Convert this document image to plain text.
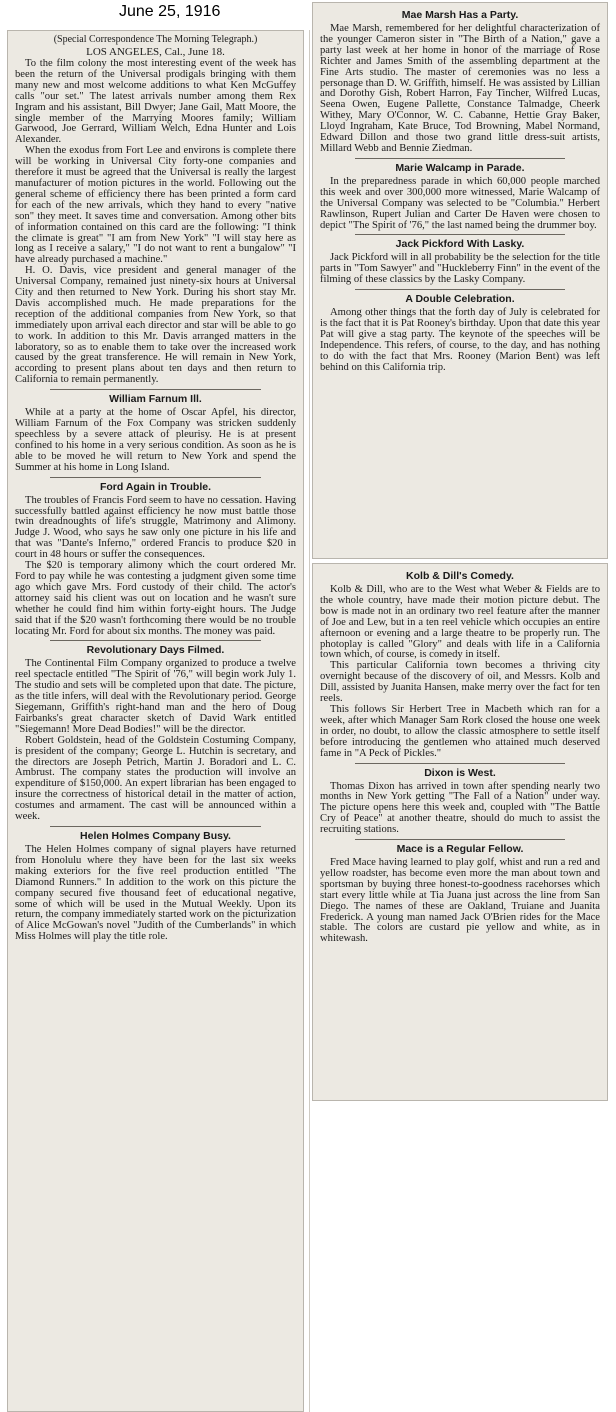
June 25, 1916

(Special Correspondence The Morning Telegraph.)

LOS ANGELES, Cal., June 18.

To the film colony the most interesting event of the week has been the return of the Universal prodigals bringing with them many new and most welcome additions to what Ken McGuffey calls "our set." The latest arrivals number among them Rex Ingram and his assistant, Bill Dwyer; Jane Gail, Matt Moore, the single member of the Marrying Moores family; William Garwood, Joe Gerrard, William Welch, Edna Hunter and Lois Alexander.

When the exodus from Fort Lee and environs is complete there will be working in Universal City forty-one companies and therefore it must be agreed that the Universal is really the largest manufacturer of motion pictures in the world. Following out the general scheme of efficiency there has been printed a form card for each of the new arrivals, which they hand to every "native son" they meet. It saves time and conversation. Among other bits of information contained on this card are the following: "I think the climate is great" "I am from New York" "I will stay here as long as I receive a salary," "I do not want to rent a bungalow" "I have already purchased a machine."

H. O. Davis, vice president and general manager of the Universal Company, remained just ninety-six hours at Universal City and then returned to New York. During his short stay Mr. Davis accomplished much. He made preparations for the reception of the additional companies from New York, so that immediately upon arrival each director and star will be able to go to work. In addition to this Mr. Davis arranged matters in the laboratory, so as to enable them to take over the increased work caused by the great transference. He will remain in New York, according to present plans about ten days and then return to California to remain permanently.

William Farnum Ill.

While at a party at the home of Oscar Apfel, his director, William Farnum of the Fox Company was stricken suddenly speechless by a severe attack of pleurisy. He is at present confined to his home in a very serious condition. As soon as he is able to be moved he will return to New York and spend the Summer at his home in Long Island.

Ford Again in Trouble.

The troubles of Francis Ford seem to have no cessation. Having successfully battled against efficiency he now must battle those twin dreadnoughts of life's struggle, Matrimony and Alimony. Judge J. Wood, who says he saw only one picture in his life and that was "Dante's Inferno," ordered Francis to produce $20 in court in 48 hours or suffer the consequences.

The $20 is temporary alimony which the court ordered Mr. Ford to pay while he was contesting a judgment given some time ago which gave Mrs. Ford custody of their child. The actor's attorney said his client was out on location and he wasn't sure whether he could find him within forty-eight hours. The Judge said that if the $20 wasn't forthcoming there would be no trouble locating Mr. Ford for about six months. The money was paid.

Revolutionary Days Filmed.

The Continental Film Company organized to produce a twelve reel spectacle entitled "The Spirit of '76," will begin work July 1. The studio and sets will be completed upon that date. The picture, as the title infers, will deal with the Revolutionary period. George Siegemann, Griffith's right-hand man and the hero of Doug Fairbanks's great character sketch of David Wark entitled "Siegemann! More Dead Bodies!" will be the director.

Robert Goldstein, head of the Goldstein Costuming Company, is president of the company; George L. Hutchin is secretary, and the directors are Joseph Petrich, Martin J. Boradori and L. C. Ambrust. The company states the production will involve an expenditure of $150,000. An expert librarian has been engaged to insure the correctness of historical detail in the matter of action, costumes and armament. The cast will be announced within a week.

Helen Holmes Company Busy.

The Helen Holmes company of signal players have returned from Honolulu where they have been for the last six weeks making exteriors for the five reel production entitled "The Diamond Runners." In addition to the work on this picture the company secured five thousand feet of educational negative, some of which will be used in the Mutual Weekly. Upon its return, the company immediately started work on the picturization of Alice McGowan's novel "Judith of the Cumberlands" in which Miss Holmes will play the title role.

Mae Marsh Has a Party.

Mae Marsh, remembered for her delightful characterization of the younger Cameron sister in "The Birth of a Nation," gave a party last week at her home in honor of the marriage of Rose Richter and James Smith of the assembling department at the Fine Arts studio. The master of ceremonies was no less a personage than D. W. Griffith, himself. He was assisted by Lillian and Dorothy Gish, Robert Harron, Fay Tincher, Wilfred Lucas, Seena Owen, Eugene Pallette, Constance Talmadge, Cheerk Withey, Mary O'Connor, W. C. Cabanne, Hettie Gray Baker, Lloyd Ingraham, Kate Bruce, Tod Browning, Mabel Normand, Edward Dillon and those two grand little dress-suit artists, Millard Webb and Bennie Ziedman.

Marie Walcamp in Parade.

In the preparedness parade in which 60,000 people marched this week and over 300,000 more witnessed, Marie Walcamp of the Universal Company was selected to be "Columbia." Herbert Rawlinson, Rupert Julian and Carter De Haven were chosen to depict "The Spirit of '76," the last named being the drummer boy.

Jack Pickford With Lasky.

Jack Pickford will in all probability be the selection for the title parts in "Tom Sawyer" and "Huckleberry Finn" in the event of the filming of these classics by the Lasky Company.

A Double Celebration.

Among other things that the forth day of July is celebrated for is the fact that it is Pat Rooney's birthday. Upon that date this year Pat will give a stag party. The keynote of the speeches will be Independence. This refers, of course, to the day, and has nothing to do with the fact that Mrs. Rooney (Marion Bent) was left behind on this California trip.

Kolb & Dill's Comedy.

Kolb & Dill, who are to the West what Weber & Fields are to the whole country, have made their motion picture debut. The bow is made not in an ordinary two reel feature after the manner of Joe and Lew, but in a ten reel vehicle which occupies an entire afternoon or evening and a large theatre to be properly run. The photoplay is called "Glory" and deals with life in a California town which, of course, is comedy in itself.

This particular California town becomes a thriving city overnight because of the discovery of oil, and Messrs. Kolb and Dill, assisted by Juanita Hansen, make merry over the fact for ten reels.

This follows Sir Herbert Tree in Macbeth which ran for a week, after which Manager Sam Rork closed the house one week in order, no doubt, to allow the classic atmosphere to settle itself before introducing the gentlemen who attained much deserved fame in "A Peck of Pickles."

Dixon is West.

Thomas Dixon has arrived in town after spending nearly two months in New York getting "The Fall of a Nation" under way. The picture opens here this week and, coupled with "The Battle Cry of Peace" at another theatre, should do much to assist the recruiting stations.

Mace is a Regular Fellow.

Fred Mace having learned to play golf, whist and run a red and yellow roadster, has become even more the man about town and sportsman by buying three honest-to-goodness racehorses which start every little while at Tia Juana just across the line from San Diego. The names of these are Oakland, Truiane and Juanita Frederick. A young man named Jack O'Brien rides for the Mace stable. The colors are custard pie yellow and white, as in whitewash.
